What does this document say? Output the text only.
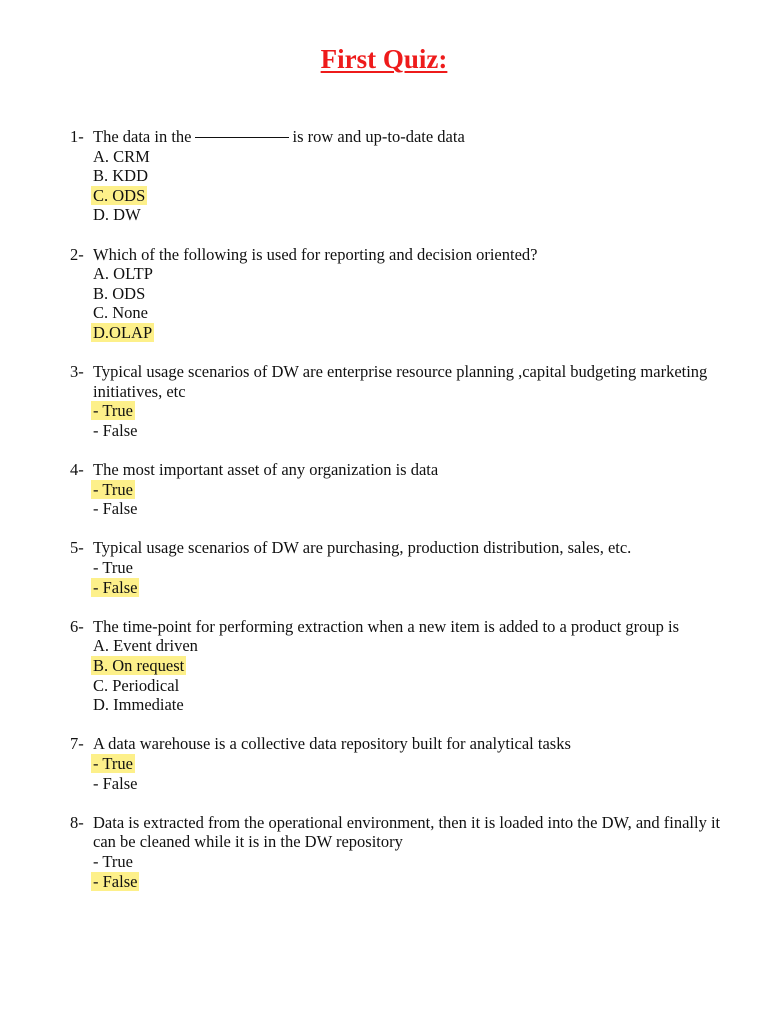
First Quiz:
1- The data in the	is row and up-to-date data
A. CRM
B. KDD
C. ODS
D. DW
2- Which of the following is used for reporting and decision oriented?
A. OLTP
B. ODS
C. None
D.OLAP
3- Typical usage scenarios of DW are enterprise resource planning ,capital budgeting marketing initiatives, etc
- True
- False
4- The most important asset of any organization is data
- True
- False
5- Typical usage scenarios of DW are purchasing, production distribution, sales, etc.
- True
- False
6- The time-point for performing extraction when a new item is added to a product group is
A. Event driven
B. On request
C. Periodical
D. Immediate
7- A data warehouse is a collective data repository built for analytical tasks
- True
- False
8- Data is extracted from the operational environment, then it is loaded into the DW, and finally it can be cleaned while it is in the DW repository
- True
- False
